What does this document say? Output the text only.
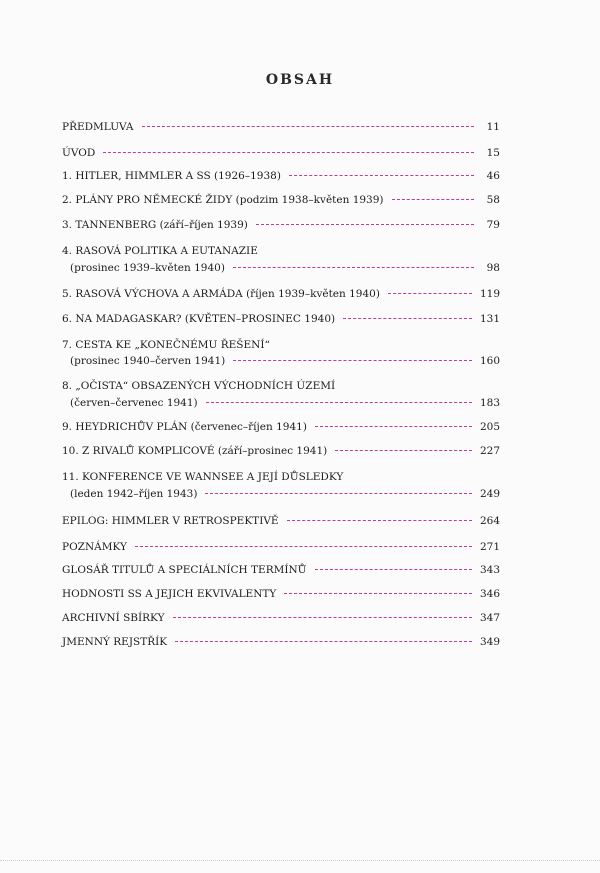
OBSAH
PŘEDMLUVA	11
ÚVOD	15
1. HITLER, HIMMLER A SS (1926–1938)	46
2. PLÁNY PRO NĚMECKÉ ŽIDY (podzim 1938–květen 1939)	58
3. TANNENBERG (září–říjen 1939)	79
4. RASOVÁ POLITIKA A EUTANAZIE
(prosinec 1939–květen 1940)	98
5. RASOVÁ VÝCHOVA A ARMÁDA (říjen 1939–květen 1940)	119
6. NA MADAGASKAR? (KVĚTEN–PROSINEC 1940)	131
7. CESTA KE „KONEČNÉMU ŘEŠENÍ“
(prosinec 1940–červen 1941)	160
8. „OČISTA“ OBSAZENÝCH VÝCHODNÍCH ÚZEMÍ
(červen–červenec 1941)	183
9. HEYDRICHŮV PLÁN (červenec–říjen 1941)	205
10. Z RIVALŮ KOMPLICOVÉ (září–prosinec 1941)	227
11. KONFERENCE VE WANNSEE A JEJÍ DŮSLEDKY
(leden 1942–říjen 1943)	249
EPILOG: HIMMLER V RETROSPEKTIVĚ	264
POZNÁMKY	271
GLOSÁŘ TITULŮ A SPECIÁLNÍCH TERMÍNŮ	343
HODNOSTI SS A JEJICH EKVIVALENTY	346
ARCHIVNÍ SBÍRKY	347
JMENNÝ REJSTŘÍK	349
